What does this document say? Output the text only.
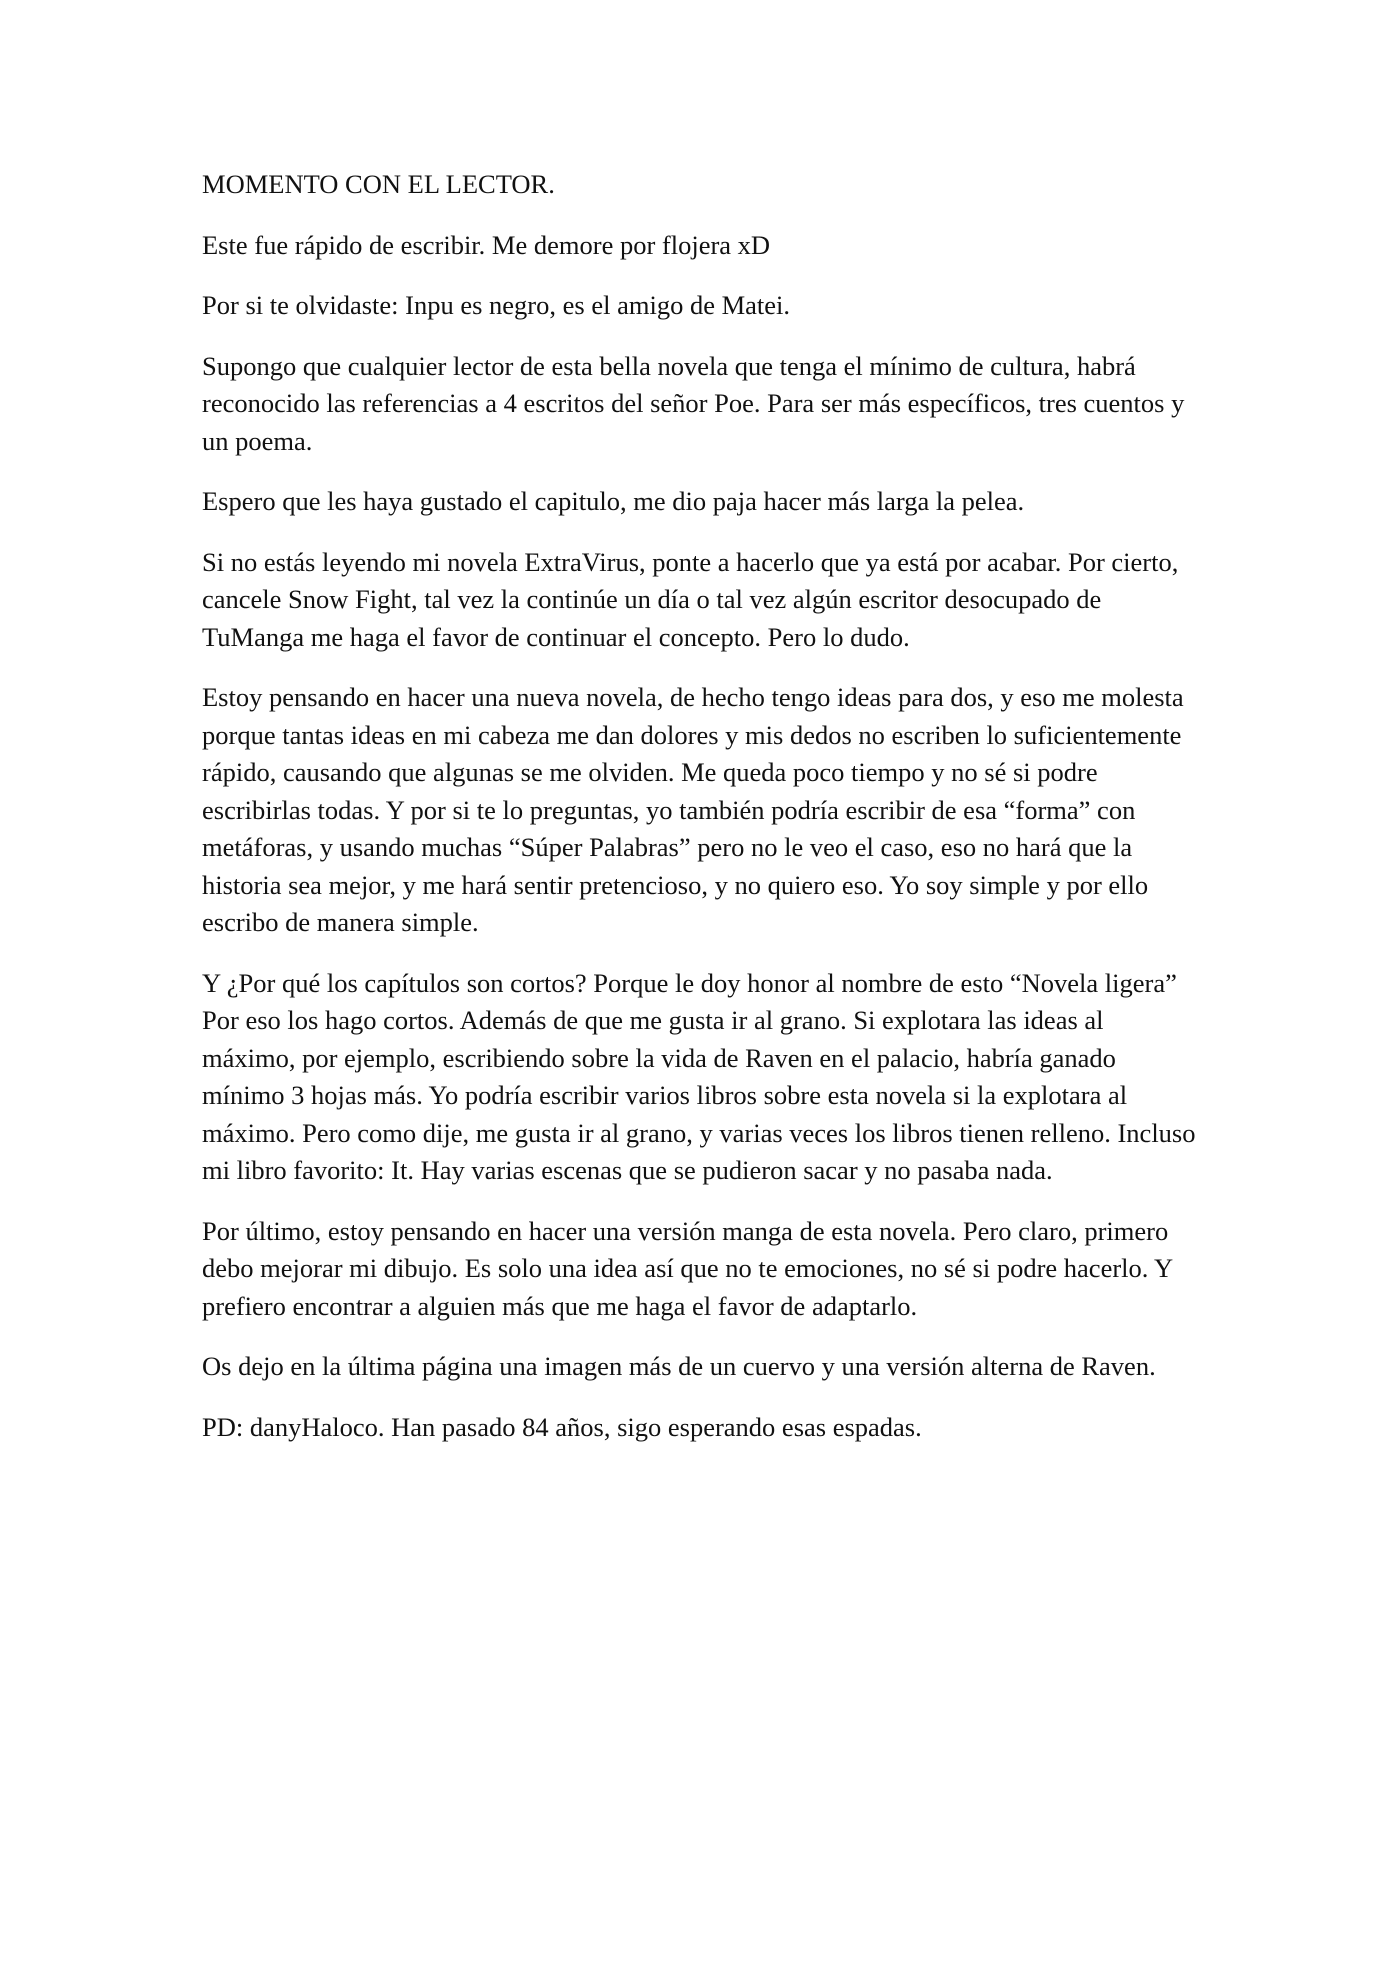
MOMENTO CON EL LECTOR.

Este fue rápido de escribir. Me demore por flojera xD

Por si te olvidaste: Inpu es negro, es el amigo de Matei.

Supongo que cualquier lector de esta bella novela que tenga el mínimo de cultura, habrá reconocido las referencias a 4 escritos del señor Poe. Para ser más específicos, tres cuentos y un poema.

Espero que les haya gustado el capitulo, me dio paja hacer más larga la pelea.

Si no estás leyendo mi novela ExtraVirus, ponte a hacerlo que ya está por acabar. Por cierto, cancele Snow Fight, tal vez la continúe un día o tal vez algún escritor desocupado de TuManga me haga el favor de continuar el concepto. Pero lo dudo.

Estoy pensando en hacer una nueva novela, de hecho tengo ideas para dos, y eso me molesta porque tantas ideas en mi cabeza me dan dolores y mis dedos no escriben lo suficientemente rápido, causando que algunas se me olviden. Me queda poco tiempo y no sé si podre escribirlas todas. Y por si te lo preguntas, yo también podría escribir de esa “forma” con metáforas, y usando muchas “Súper Palabras” pero no le veo el caso, eso no hará que la historia sea mejor, y me hará sentir pretencioso, y no quiero eso. Yo soy simple y por ello escribo de manera simple.

Y ¿Por qué los capítulos son cortos? Porque le doy honor al nombre de esto “Novela ligera” Por eso los hago cortos. Además de que me gusta ir al grano. Si explotara las ideas al máximo, por ejemplo, escribiendo sobre la vida de Raven en el palacio, habría ganado mínimo 3 hojas más. Yo podría escribir varios libros sobre esta novela si la explotara al máximo. Pero como dije, me gusta ir al grano, y varias veces los libros tienen relleno. Incluso mi libro favorito: It. Hay varias escenas que se pudieron sacar y no pasaba nada.

Por último, estoy pensando en hacer una versión manga de esta novela. Pero claro, primero debo mejorar mi dibujo. Es solo una idea así que no te emociones, no sé si podre hacerlo. Y prefiero encontrar a alguien más que me haga el favor de adaptarlo.

Os dejo en la última página una imagen más de un cuervo y una versión alterna de Raven.

PD: danyHaloco. Han pasado 84 años, sigo esperando esas espadas.
